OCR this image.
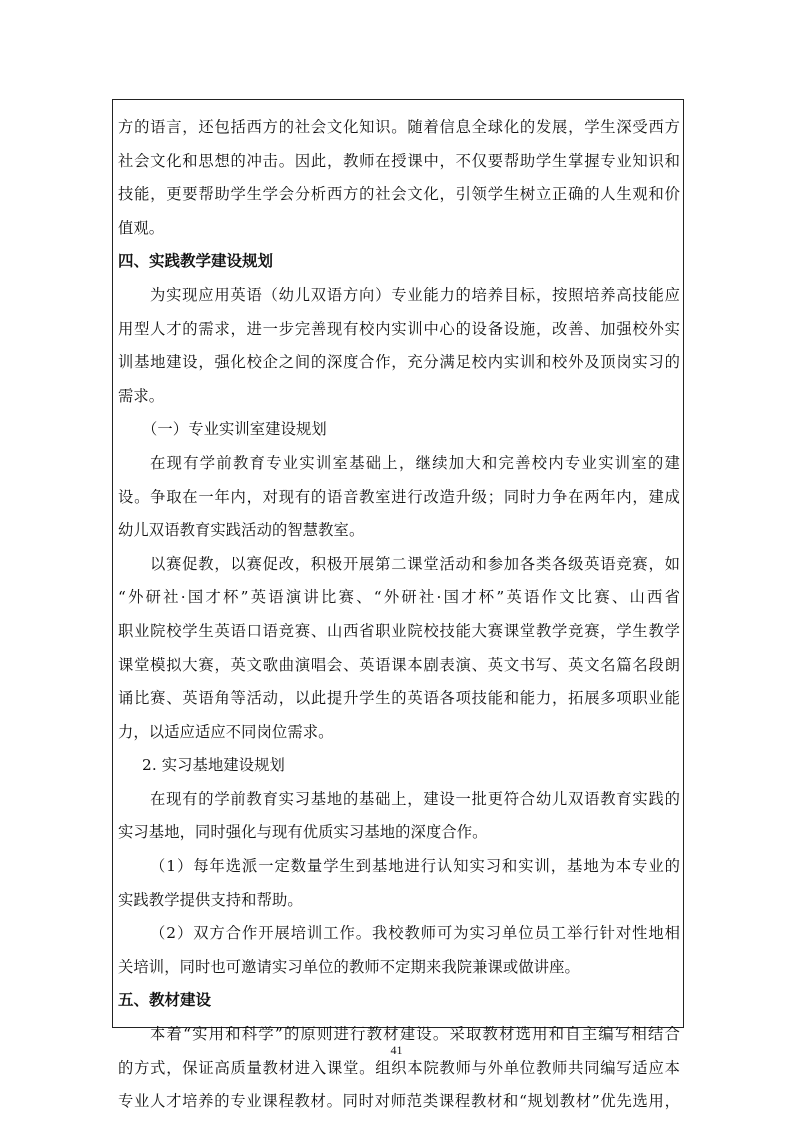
方的语言，还包括西方的社会文化知识。随着信息全球化的发展，学生深受西方

社会文化和思想的冲击。因此，教师在授课中，不仅要帮助学生掌握专业知识和

技能，更要帮助学生学会分析西方的社会文化，引领学生树立正确的人生观和价

值观。

四、实践教学建设规划

为实现应用英语（幼儿双语方向）专业能力的培养目标，按照培养高技能应

用型人才的需求，进一步完善现有校内实训中心的设备设施，改善、加强校外实

训基地建设，强化校企之间的深度合作，充分满足校内实训和校外及顶岗实习的

需求。

（一）专业实训室建设规划

在现有学前教育专业实训室基础上，继续加大和完善校内专业实训室的建

设。争取在一年内，对现有的语音教室进行改造升级；同时力争在两年内，建成

幼儿双语教育实践活动的智慧教室。

以赛促教，以赛促改，积极开展第二课堂活动和参加各类各级英语竞赛，如

“外研社·国才杯”英语演讲比赛、“外研社·国才杯”英语作文比赛、山西省

职业院校学生英语口语竞赛、山西省职业院校技能大赛课堂教学竞赛，学生教学

课堂模拟大赛，英文歌曲演唱会、英语课本剧表演、英文书写、英文名篇名段朗

诵比赛、英语角等活动，以此提升学生的英语各项技能和能力，拓展多项职业能

力，以适应适应不同岗位需求。

2. 实习基地建设规划

在现有的学前教育实习基地的基础上，建设一批更符合幼儿双语教育实践的

实习基地，同时强化与现有优质实习基地的深度合作。

（1）每年选派一定数量学生到基地进行认知实习和实训，基地为本专业的

实践教学提供支持和帮助。

（2）双方合作开展培训工作。我校教师可为实习单位员工举行针对性地相

关培训，同时也可邀请实习单位的教师不定期来我院兼课或做讲座。

五、教材建设

本着“实用和科学”的原则进行教材建设。采取教材选用和自主编写相结合

的方式，保证高质量教材进入课堂。组织本院教师与外单位教师共同编写适应本

专业人才培养的专业课程教材。同时对师范类课程教材和“规划教材”优先选用，

41
